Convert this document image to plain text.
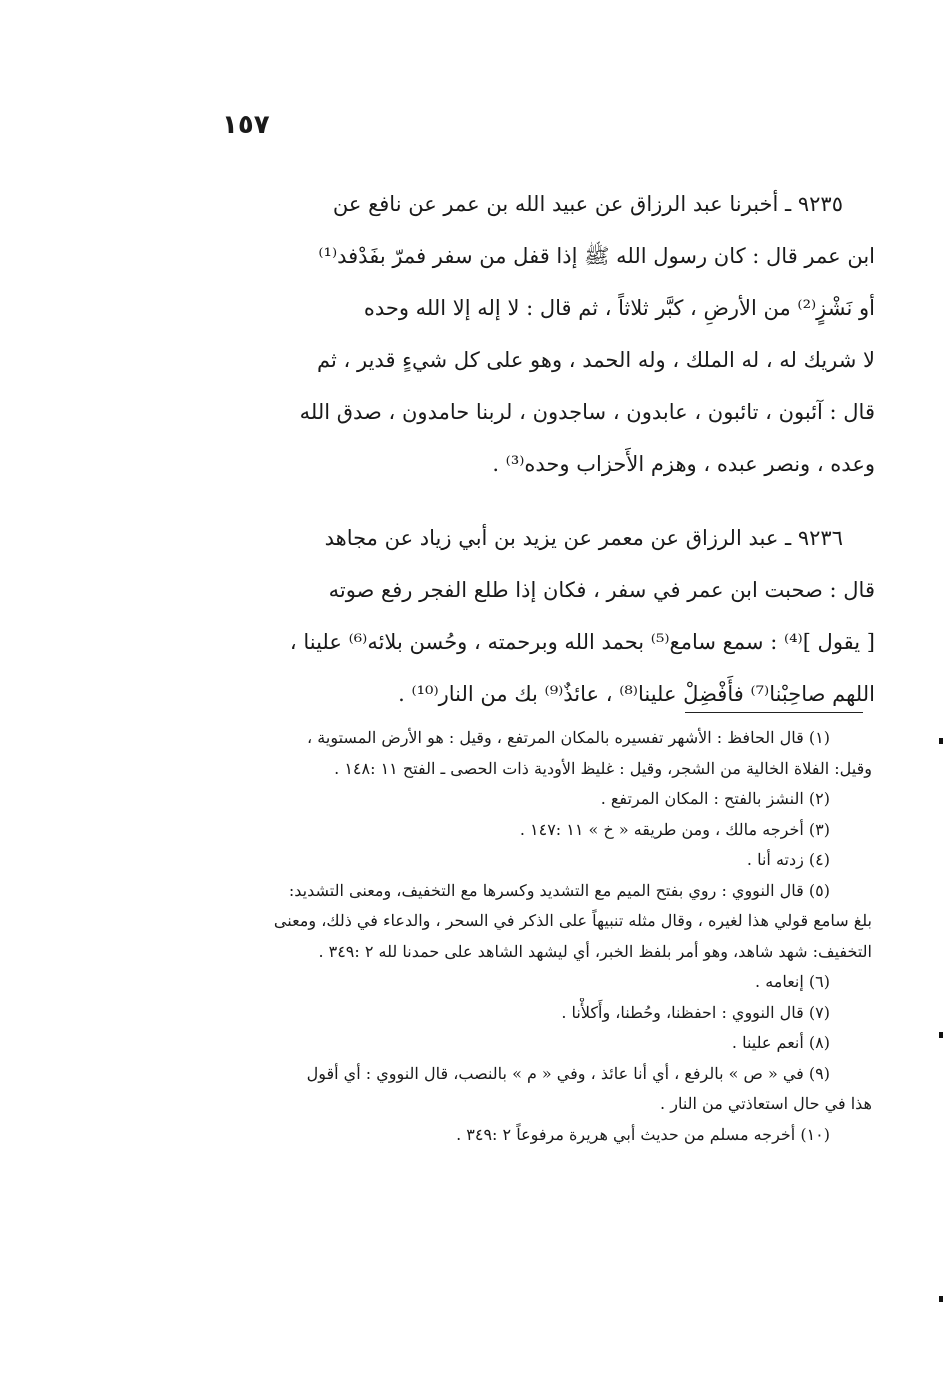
١٥٧
٩٢٣٥ ـ أخبرنا عبد الرزاق عن عبيد الله بن عمر عن نافع عن
ابن عمر قال : كان رسول الله ﷺ إذا قفل من سفر فمرّ بفَدْفد⁽¹⁾
أو نَشْزٍ⁽²⁾ من الأرضِ ، كبَّر ثلاثاً ، ثم قال : لا إله إلا الله وحده
لا شريك له ، له الملك ، وله الحمد ، وهو على كل شيءٍ قدير ، ثم
قال : آئبون ، تائبون ، عابدون ، ساجدون ، لربنا حامدون ، صدق الله
وعده ، ونصر عبده ، وهزم الأَحزاب وحده⁽³⁾ .
٩٢٣٦ ـ عبد الرزاق عن معمر عن يزيد بن أبي زياد عن مجاهد
قال : صحبت ابن عمر في سفر ، فكان إذا طلع الفجر رفع صوته
[ يقول ]⁽⁴⁾ : سمع سامع⁽⁵⁾ بحمد الله وبرحمته ، وحُسن بلائه⁽⁶⁾ علينا ،
اللهم صاحِبْنا⁽⁷⁾ فأَفْضِلْ علينا⁽⁸⁾ ، عائذٌ⁽⁹⁾ بك من النار⁽¹⁰⁾ .
(١) قال الحافظ : الأشهر تفسيره بالمكان المرتفع ، وقيل : هو الأرض المستوية ،
وقيل: الفلاة الخالية من الشجر، وقيل : غليظ الأودية ذات الحصى ـ الفتح ١١ :١٤٨ .
(٢) النشز بالفتح : المكان المرتفع .
(٣) أخرجه مالك ، ومن طريقه « خ » ١١ :١٤٧ .
(٤) زدته أنا .
(٥) قال النووي : روي بفتح الميم مع التشديد وكسرها مع التخفيف، ومعنى التشديد:
بلغ سامع قولي هذا لغيره ، وقال مثله تنبيهاً على الذكر في السحر ، والدعاء في ذلك، ومعنى
التخفيف: شهد شاهد، وهو أمر بلفظ الخبر، أي ليشهد الشاهد على حمدنا لله ٢ :٣٤٩ .
(٦) إنعامه .
(٧) قال النووي : احفظنا، وحُطنا، وأَكلأْنا .
(٨) أنعم علينا .
(٩) في « ص » بالرفع ، أي أنا عائذ ، وفي « م » بالنصب، قال النووي : أي أقول
هذا في حال استعاذتي من النار .
(١٠) أخرجه مسلم من حديث أبي هريرة مرفوعاً ٢ :٣٤٩ .
